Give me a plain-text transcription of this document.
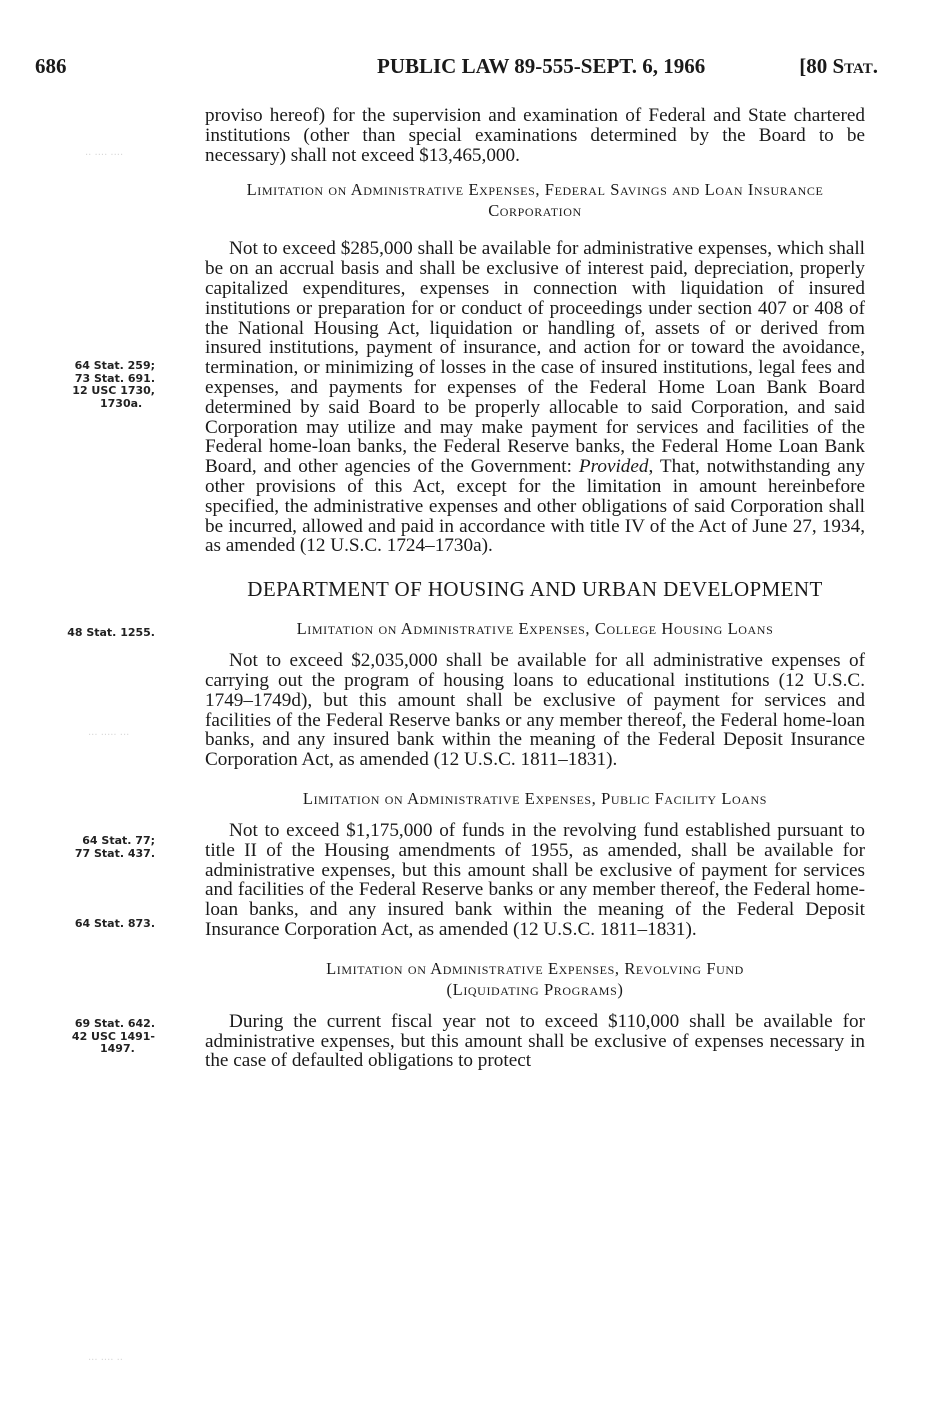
686	PUBLIC LAW 89-555-SEPT. 6, 1966	[80 Stat.
·· ···· ····
··· ····· ···
··· ···· ··
64 Stat. 259;
73 Stat. 691.
12 USC 1730,
1730a.
48 Stat. 1255.
64 Stat. 77;
77 Stat. 437.
64 Stat. 873.
69 Stat. 642.
42 USC 1491-
1497.

proviso hereof) for the supervision and examination of Federal and State chartered institutions (other than special examinations determined by the Board to be necessary) shall not exceed $13,465,000.

Limitation on Administrative Expenses, Federal Savings and Loan Insurance Corporation

Not to exceed $285,000 shall be available for administrative expenses, which shall be on an accrual basis and shall be exclusive of interest paid, depreciation, properly capitalized expenditures, expenses in connection with liquidation of insured institutions or preparation for or conduct of proceedings under section 407 or 408 of the National Housing Act, liquidation or handling of, assets of or derived from insured institutions, payment of insurance, and action for or toward the avoidance, termination, or minimizing of losses in the case of insured institutions, legal fees and expenses, and payments for expenses of the Federal Home Loan Bank Board determined by said Board to be properly allocable to said Corporation, and said Corporation may utilize and may make payment for services and facilities of the Federal home-loan banks, the Federal Reserve banks, the Federal Home Loan Bank Board, and other agencies of the Government: Provided, That, notwithstanding any other provisions of this Act, except for the limitation in amount hereinbefore specified, the administrative expenses and other obligations of said Corporation shall be incurred, allowed and paid in accordance with title IV of the Act of June 27, 1934, as amended (12 U.S.C. 1724–1730a).

DEPARTMENT OF HOUSING AND URBAN DEVELOPMENT
Limitation on Administrative Expenses, College Housing Loans

Not to exceed $2,035,000 shall be available for all administrative expenses of carrying out the program of housing loans to educational institutions (12 U.S.C. 1749–1749d), but this amount shall be exclusive of payment for services and facilities of the Federal Reserve banks or any member thereof, the Federal home-loan banks, and any insured bank within the meaning of the Federal Deposit Insurance Corporation Act, as amended (12 U.S.C. 1811–1831).

Limitation on Administrative Expenses, Public Facility Loans

Not to exceed $1,175,000 of funds in the revolving fund established pursuant to title II of the Housing amendments of 1955, as amended, shall be available for administrative expenses, but this amount shall be exclusive of payment for services and facilities of the Federal Reserve banks or any member thereof, the Federal home-loan banks, and any insured bank within the meaning of the Federal Deposit Insurance Corporation Act, as amended (12 U.S.C. 1811–1831).

Limitation on Administrative Expenses, Revolving Fund
(Liquidating Programs)

During the current fiscal year not to exceed $110,000 shall be available for administrative expenses, but this amount shall be exclusive of expenses necessary in the case of defaulted obligations to protect
